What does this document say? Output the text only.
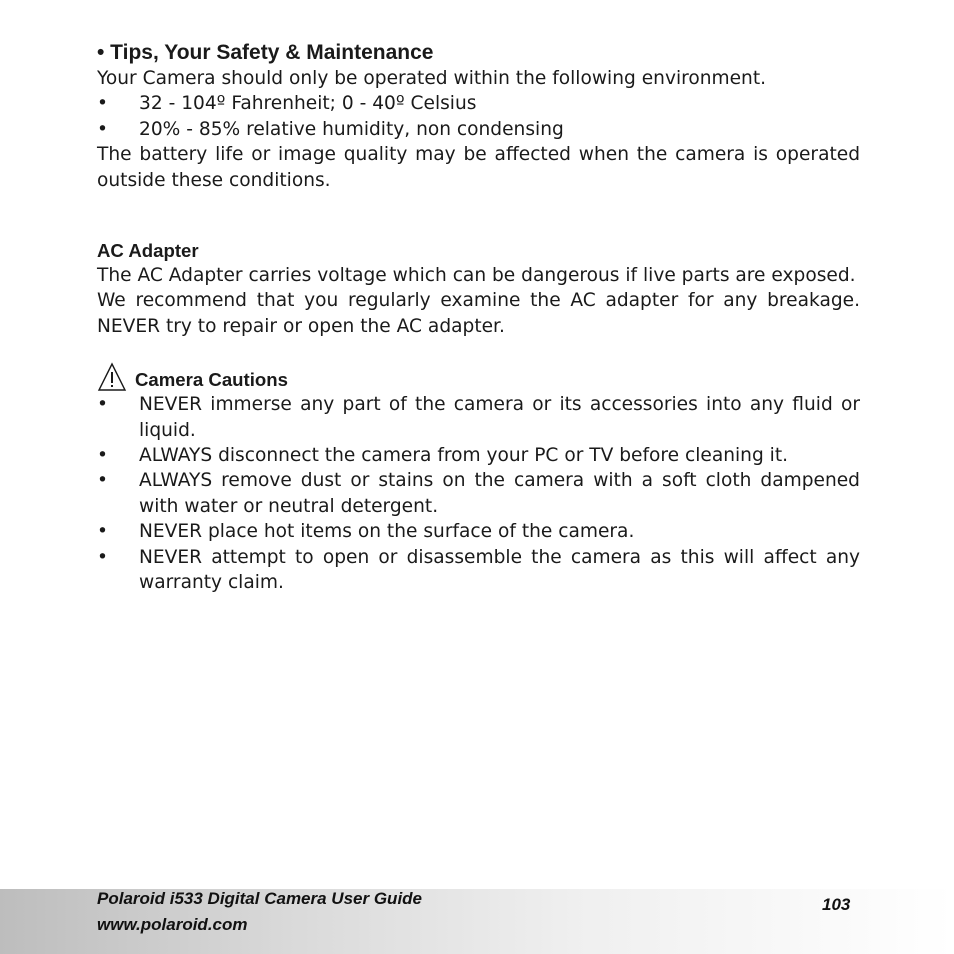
• Tips, Your Safety & Maintenance

Your Camera should only be operated within the following environment.

•	32 - 104º Fahrenheit; 0 - 40º Celsius
•	20% - 85% relative humidity, non condensing

The battery life or image quality may be affected when the camera is operated outside these conditions.

AC Adapter

The AC Adapter carries voltage which can be dangerous if live parts are exposed.

We recommend that you regularly examine the AC adapter for any breakage. NEVER try to repair or open the AC adapter.

Camera Cautions
•	NEVER immerse any part of the camera or its accessories into any fluid or liquid.
•	ALWAYS disconnect the camera from your PC or TV before cleaning it.
•	ALWAYS remove dust or stains on the camera with a soft cloth dampened with water or neutral detergent.
•	NEVER place hot items on the surface of the camera.
•	NEVER attempt to open or disassemble the camera as this will affect any warranty claim.
Polaroid i533 Digital Camera User Guide
www.polaroid.com
103
